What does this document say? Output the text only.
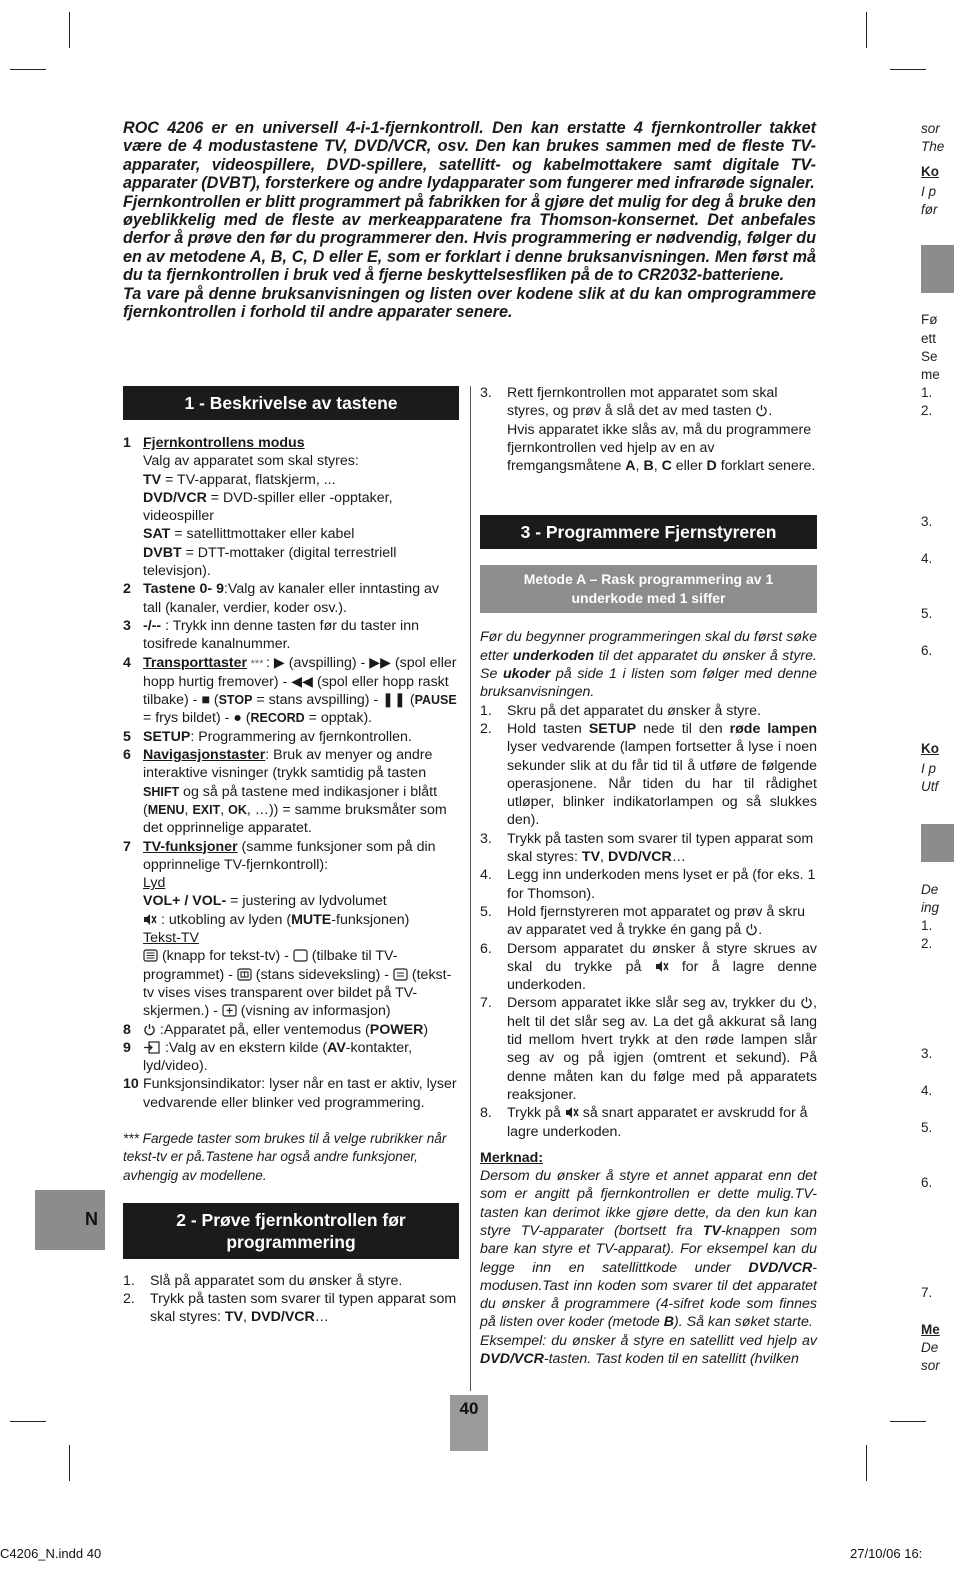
ROC 4206 er en universell 4-i-1-fjernkontroll. Den kan erstatte 4 fjernkontroller takket være de 4 modustastene TV, DVD/VCR, osv. Den kan brukes sammen med de fleste TV-apparater, videospillere, DVD-spillere, satellitt- og kabelmottakere samt digitale TV-apparater (DVBT), forsterkere og andre lydapparater som fungerer med infrarøde signaler.

Fjernkontrollen er blitt programmert på fabrikken for å gjøre det mulig for deg å bruke den øyeblikkelig med de fleste av merkeapparatene fra Thomson-konsernet. Det anbefales derfor å prøve den før du programmerer den. Hvis programmering er nødvendig, følger du en av metodene A, B, C, D eller E, som er forklart i denne bruksanvisningen. Men først må du ta fjernkontrollen i bruk ved å fjerne beskyttelsesfliken på de to CR2032-batteriene.

Ta vare på denne bruksanvisningen og listen over kodene slik at du kan omprogrammere fjernkontrollen i forhold til andre apparater senere.

1 - Beskrivelse av tastene
1 Fjernkontrollens modus
Valg av apparatet som skal styres:
TV = TV-apparat, flatskjerm, ...
DVD/VCR = DVD-spiller eller -opptaker, videospiller
SAT = satellittmottaker eller kabel
DVBT = DTT-mottaker (digital terrestriell televisjon).
2 Tastene 0- 9:Valg av kanaler eller inntasting av tall (kanaler, verdier, koder osv.).
3 -/-- : Trykk inn denne tasten før du taster inn tosifrede kanalnummer.
4 Transporttaster *** : ▶ (avspilling) - ▶▶ (spol eller hopp hurtig fremover) - ◀◀ (spol eller hopp raskt tilbake) - ■ (STOP = stans avspilling) - ❚❚ (PAUSE = frys bildet) - ● (RECORD = opptak).
5 SETUP: Programmering av fjernkontrollen.
6 Navigasjonstaster: Bruk av menyer og andre interaktive visninger (trykk samtidig på tasten SHIFT og så på tastene med indikasjoner i blått (MENU, EXIT, OK, …)) = samme bruksmåter som det opprinnelige apparatet.
7 TV-funksjoner (samme funksjoner som på din opprinnelige TV-fjernkontroll):
Lyd
VOL+ / VOL- = justering av lydvolumet
: utkobling av lyden (MUTE-funksjonen)
Tekst-TV
(knapp for tekst-tv) -  (tilbake til TV-programmet) -  (stans sideveksling) -  (tekst-tv vises vises transparent over bildet på TV-skjermen.) -  (visning av informasjon)
8	:Apparatet på, eller ventemodus (POWER)
9	:Valg av en ekstern kilde (AV-kontakter, lyd/video).
10 Funksjonsindikator: lyser når en tast er aktiv, lyser vedvarende eller blinker ved programmering.
*** Fargede taster som brukes til å velge rubrikker når tekst-tv er på.Tastene har også andre funksjoner, avhengig av modellene.
2 - Prøve fjernkontrollen før programmering
1.	Slå på apparatet som du ønsker å styre.
2.	Trykk på tasten som svarer til typen apparat som skal styres: TV, DVD/VCR…
3.	Rett fjernkontrollen mot apparatet som skal styres, og prøv å slå det av med tasten .
Hvis apparatet ikke slås av, må du programmere fjernkontrollen ved hjelp av en av fremgangsmåtene A, B, C eller D forklart senere.
3 - Programmere Fjernstyreren
Metode A – Rask programmering av 1 underkode med 1 siffer
Før du begynner programmeringen skal du først søke etter underkoden til det apparatet du ønsker å styre. Se ukoder på side 1 i listen som følger med denne bruksanvisningen.
1.	Skru på det apparatet du ønsker å styre.
2.	Hold tasten SETUP nede til den røde lampen lyser vedvarende (lampen fortsetter å lyse i noen sekunder slik at du får tid til å utføre de følgende operasjonene. Når tiden du har til rådighet utløper, blinker indikatorlampen og så slukkes den).
3.	Trykk på tasten som svarer til typen apparat som skal styres: TV, DVD/VCR…
4.	Legg inn underkoden mens lyset er på (for eks. 1 for Thomson).
5.	Hold fjernstyreren mot apparatet og prøv å skru av apparatet ved å trykke én gang på .
6.	Dersom apparatet du ønsker å styre skrues av skal du trykke på  for å lagre denne underkoden.
7.	Dersom apparatet ikke slår seg av, trykker du , helt til det slår seg av. La det gå akkurat så lang tid mellom hvert trykk at den røde lampen slår seg av og på igjen (omtrent et sekund). På denne måten kan du følge med på apparatets reaksjoner.
8.	Trykk på  så snart apparatet er avskrudd for å lagre underkoden.
Merknad:
Dersom du ønsker å styre et annet apparat enn det som er angitt på fjernkontrollen er dette mulig.TV-tasten kan derimot ikke gjøre dette, da den kun kan styre TV-apparater (bortsett fra TV-knappen som bare kan styre et TV-apparat). For eksempel kan du legge inn en satellittkode under DVD/VCR-modusen.Tast inn koden som svarer til det apparatet du ønsker å programmere (4-sifret kode som finnes på listen over koder (metode B). Så kan søket starte.
Eksempel: du ønsker å styre en satellitt ved hjelp av DVD/VCR-tasten. Tast koden til en satellitt (hvilken
N
40
C4206_N.indd 40	27/10/06 16:
sor
The
Ko
I p
før
Fø
ett
Se
me
1.
2.
3.
4.
5.
6.
Ko
I p
Utf
De
ing
1.
2.
3.
4.
5.
6.
7.
Me
De
sor
